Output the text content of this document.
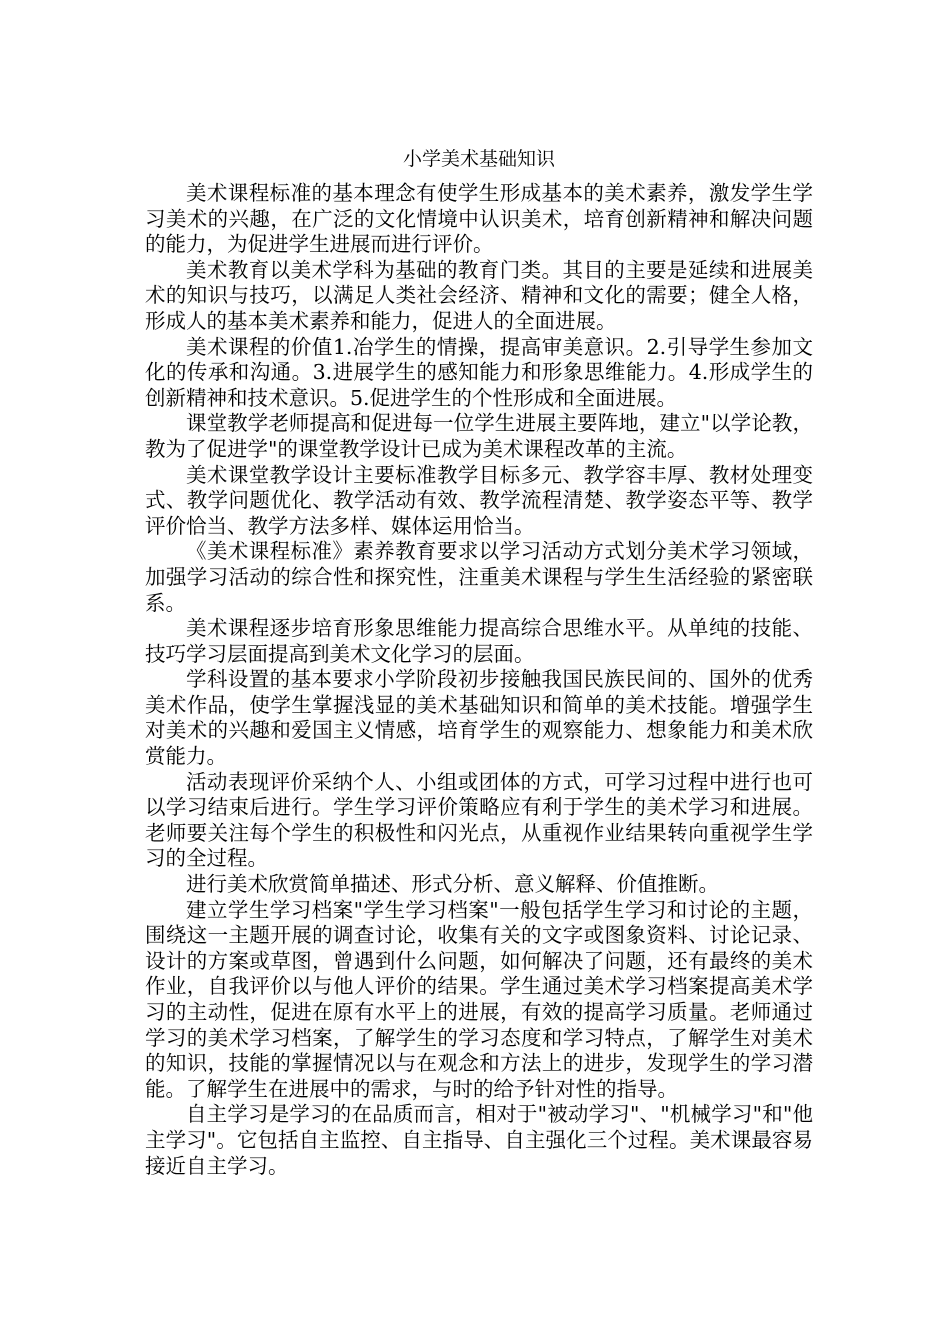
小学美术基础知识

美术课程标准的基本理念有使学生形成基本的美术素养，激发学生学习美术的兴趣，在广泛的文化情境中认识美术，培育创新精神和解决问题的能力，为促进学生进展而进行评价。

美术教育以美术学科为基础的教育门类。其目的主要是延续和进展美术的知识与技巧，以满足人类社会经济、精神和文化的需要；健全人格，形成人的基本美术素养和能力，促进人的全面进展。

美术课程的价值1.冶学生的情操，提高审美意识。2.引导学生参加文化的传承和沟通。3.进展学生的感知能力和形象思维能力。4.形成学生的创新精神和技术意识。5.促进学生的个性形成和全面进展。

课堂教学老师提高和促进每一位学生进展主要阵地，建立"以学论教，教为了促进学"的课堂教学设计已成为美术课程改革的主流。

美术课堂教学设计主要标准教学目标多元、教学容丰厚、教材处理变式、教学问题优化、教学活动有效、教学流程清楚、教学姿态平等、教学评价恰当、教学方法多样、媒体运用恰当。

《美术课程标准》素养教育要求以学习活动方式划分美术学习领域，加强学习活动的综合性和探究性，注重美术课程与学生生活经验的紧密联系。

美术课程逐步培育形象思维能力提高综合思维水平。从单纯的技能、技巧学习层面提高到美术文化学习的层面。

学科设置的基本要求小学阶段初步接触我国民族民间的、国外的优秀美术作品，使学生掌握浅显的美术基础知识和简单的美术技能。增强学生对美术的兴趣和爱国主义情感，培育学生的观察能力、想象能力和美术欣赏能力。

活动表现评价采纳个人、小组或团体的方式，可学习过程中进行也可以学习结束后进行。学生学习评价策略应有利于学生的美术学习和进展。老师要关注每个学生的积极性和闪光点，从重视作业结果转向重视学生学习的全过程。

进行美术欣赏简单描述、形式分析、意义解释、价值推断。

建立学生学习档案"学生学习档案"一般包括学生学习和讨论的主题，围绕这一主题开展的调查讨论，收集有关的文字或图象资料、讨论记录、设计的方案或草图，曾遇到什么问题，如何解决了问题，还有最终的美术作业，自我评价以与他人评价的结果。学生通过美术学习档案提高美术学习的主动性，促进在原有水平上的进展，有效的提高学习质量。老师通过学习的美术学习档案，了解学生的学习态度和学习特点，了解学生对美术的知识，技能的掌握情况以与在观念和方法上的进步，发现学生的学习潜能。了解学生在进展中的需求，与时的给予针对性的指导。

自主学习是学习的在品质而言，相对于"被动学习"、"机械学习"和"他主学习"。它包括自主监控、自主指导、自主强化三个过程。美术课最容易接近自主学习。
